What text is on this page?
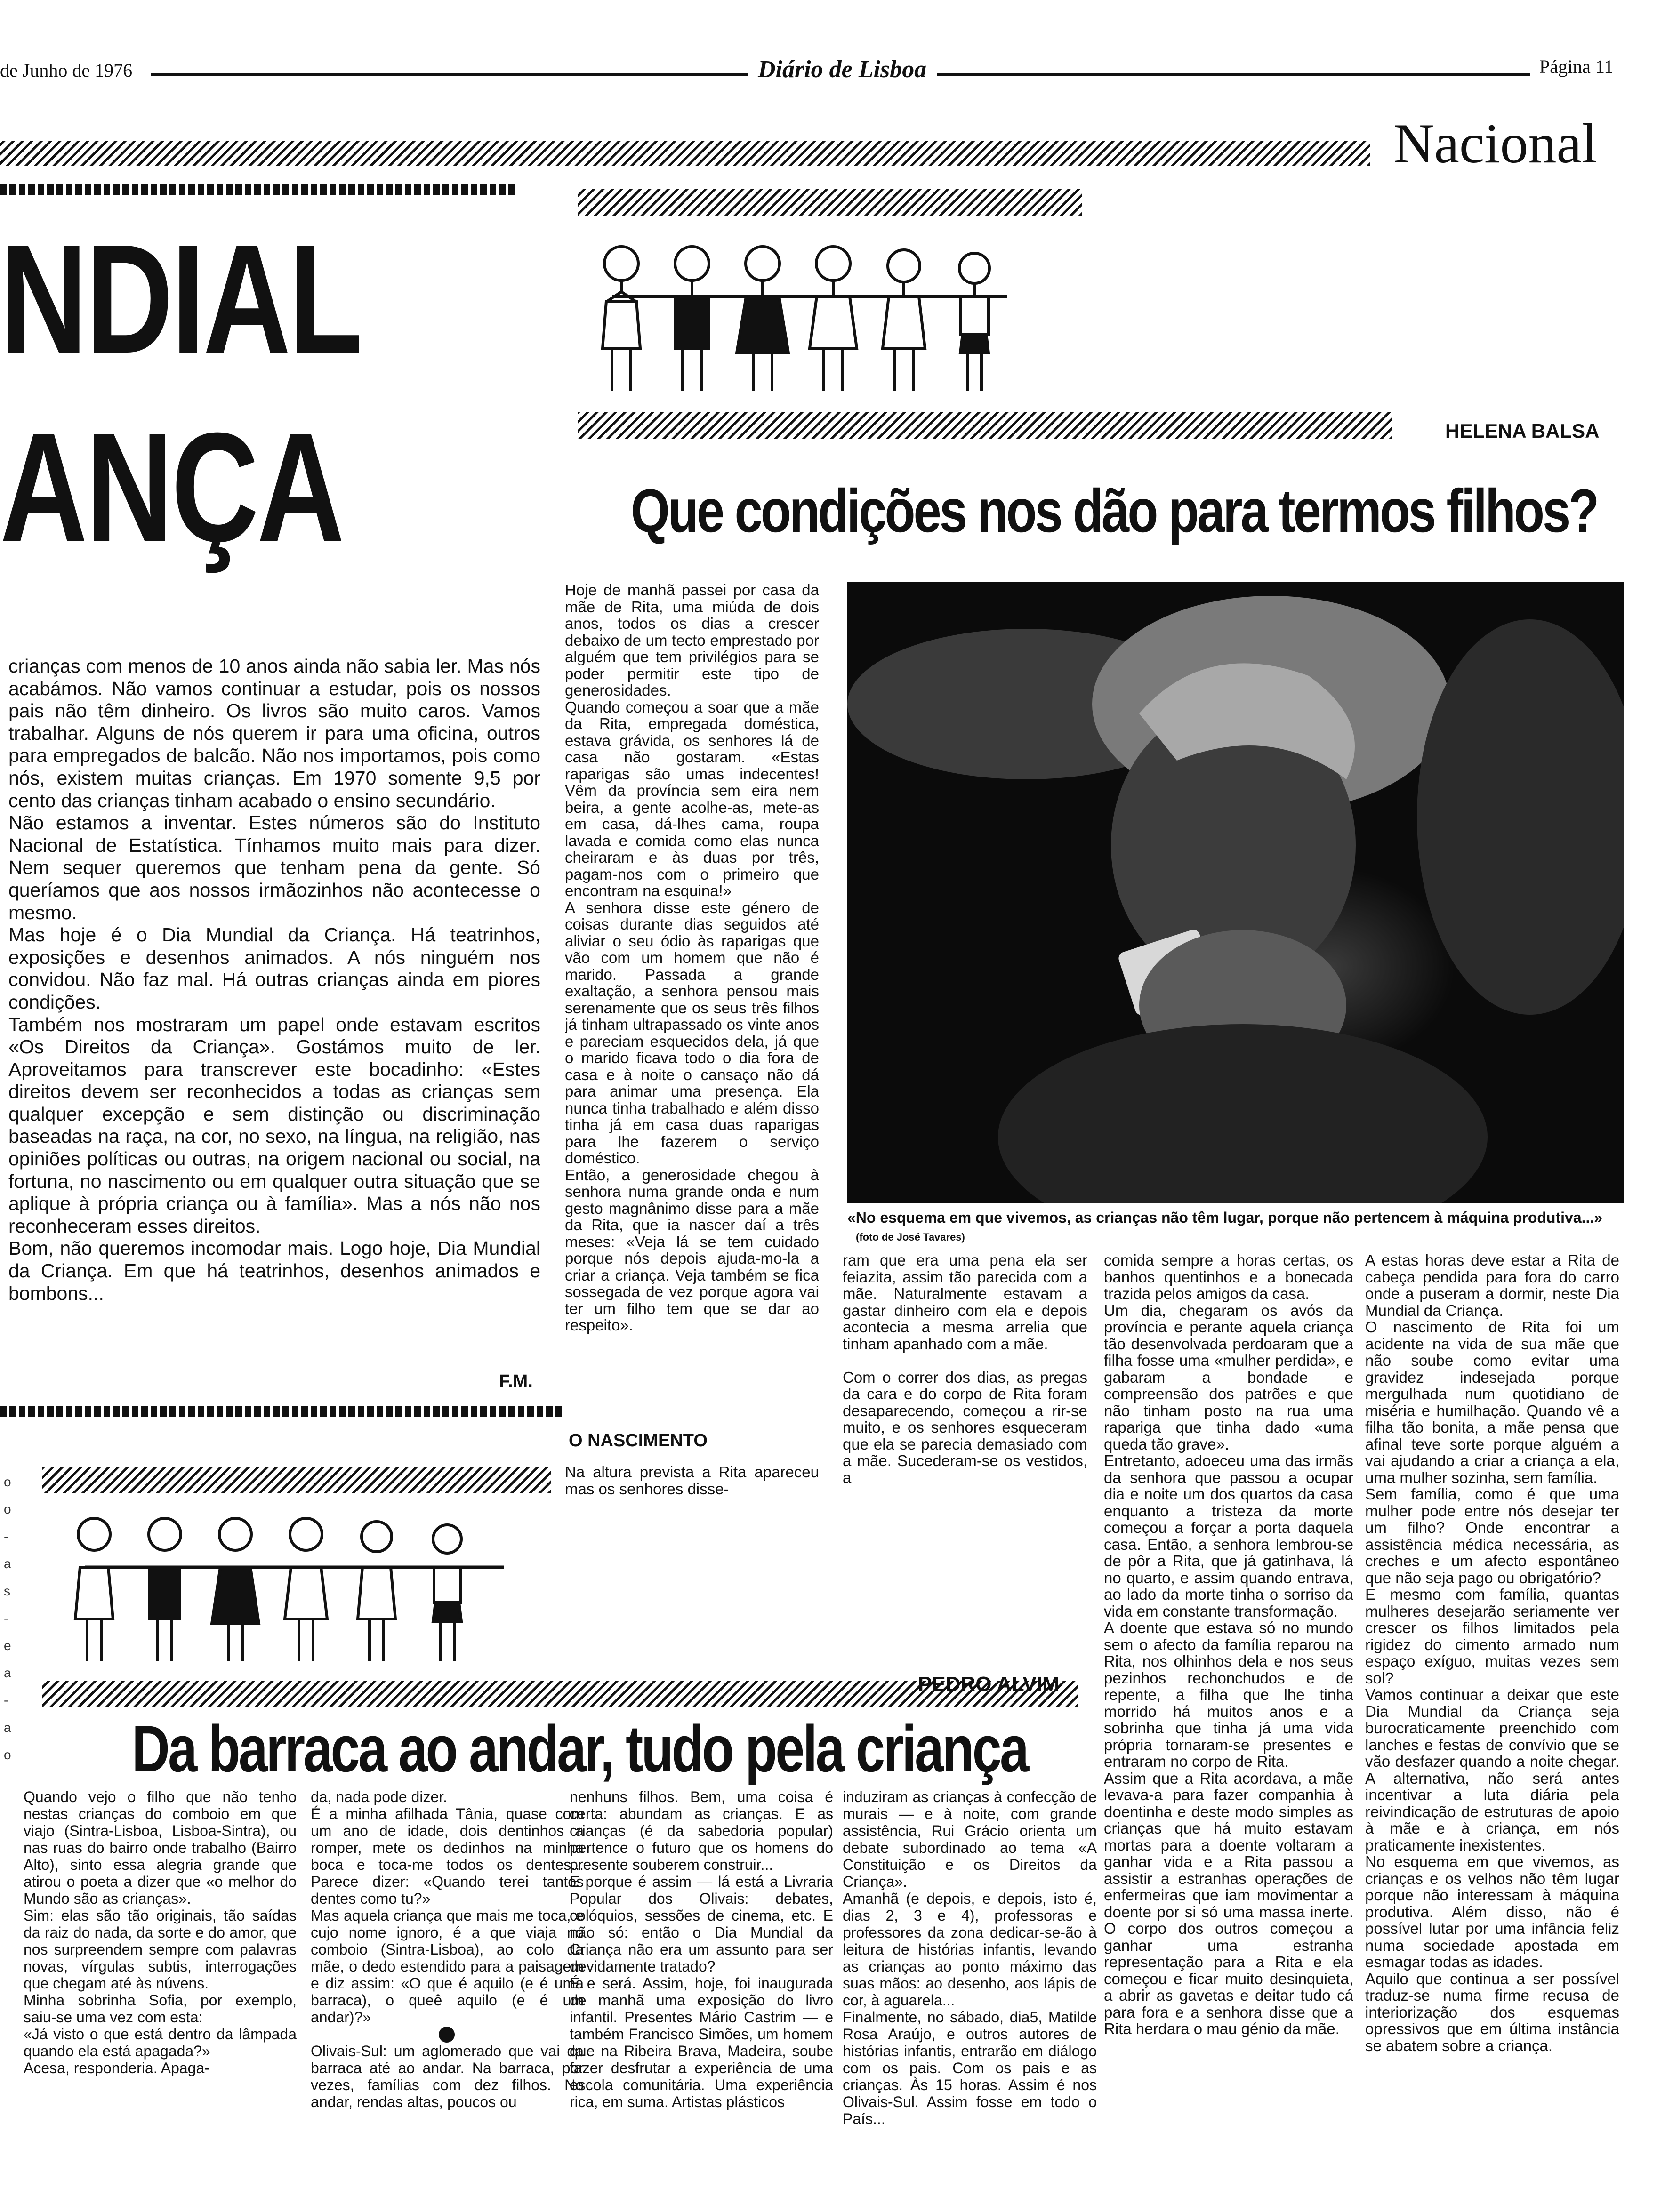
de Junho de 1976	Diário de Lisboa	Página 11
Nacional
NDIAL
ANÇA
crianças com menos de 10 anos ainda não sabia ler. Mas nós acabámos. Não vamos continuar a estudar, pois os nossos pais não têm dinheiro. Os livros são muito caros. Vamos trabalhar. Alguns de nós querem ir para uma oficina, outros para empregados de balcão. Não nos importamos, pois como nós, existem muitas crianças. Em 1970 somente 9,5 por cento das crianças tinham acabado o ensino secundário.
Não estamos a inventar. Estes números são do Instituto Nacional de Estatística. Tínhamos muito mais para dizer. Nem sequer queremos que tenham pena da gente. Só queríamos que aos nossos irmãozinhos não acontecesse o mesmo.
Mas hoje é o Dia Mundial da Criança. Há teatrinhos, exposições e desenhos animados. A nós ninguém nos convidou. Não faz mal. Há outras crianças ainda em piores condições.
Também nos mostraram um papel onde estavam escritos «Os Direitos da Criança». Gostámos muito de ler. Aproveitamos para transcrever este bocadinho: «Estes direitos devem ser reconhecidos a todas as crianças sem qualquer excepção e sem distinção ou discriminação baseadas na raça, na cor, no sexo, na língua, na religião, nas opiniões políticas ou outras, na origem nacional ou social, na fortuna, no nascimento ou em qualquer outra situação que se aplique à própria criança ou à família». Mas a nós não nos reconheceram esses direitos.
Bom, não queremos incomodar mais. Logo hoje, Dia Mundial da Criança. Em que há teatrinhos, desenhos animados e bombons...
F.M.
HELENA BALSA
Que condições nos dão para termos filhos?
Hoje de manhã passei por casa da mãe de Rita, uma miúda de dois anos, todos os dias a crescer debaixo de um tecto emprestado por alguém que tem privilégios para se poder permitir este tipo de generosidades.
Quando começou a soar que a mãe da Rita, empregada doméstica, estava grávida, os senhores lá de casa não gostaram. «Estas raparigas são umas indecentes! Vêm da província sem eira nem beira, a gente acolhe-as, mete-as em casa, dá-lhes cama, roupa lavada e comida como elas nunca cheiraram e às duas por três, pagam-nos com o primeiro que encontram na esquina!»
A senhora disse este género de coisas durante dias seguidos até aliviar o seu ódio às raparigas que vão com um homem que não é marido. Passada a grande exaltação, a senhora pensou mais serenamente que os seus três filhos já tinham ultrapassado os vinte anos e pareciam esquecidos dela, já que o marido ficava todo o dia fora de casa e à noite o cansaço não dá para animar uma presença. Ela nunca tinha trabalhado e além disso tinha já em casa duas raparigas para lhe fazerem o serviço doméstico.
Então, a generosidade chegou à senhora numa grande onda e num gesto magnânimo disse para a mãe da Rita, que ia nascer daí a três meses: «Veja lá se tem cuidado porque nós depois ajuda-mo-la a criar a criança. Veja também se fica sossegada de vez porque agora vai ter um filho tem que se dar ao respeito».
O NASCIMENTO
Na altura prevista a Rita apareceu mas os senhores disse-
«No esquema em que vivemos, as crianças não têm lugar, porque não pertencem à máquina produtiva...» (foto de José Tavares)
ram que era uma pena ela ser feiazita, assim tão parecida com a mãe. Naturalmente estavam a gastar dinheiro com ela e depois acontecia a mesma arrelia que tinham apanhado com a mãe.

Com o correr dos dias, as pregas da cara e do corpo de Rita foram desaparecendo, começou a rir-se muito, e os senhores esqueceram que ela se parecia demasiado com a mãe. Sucederam-se os vestidos, a
comida sempre a horas certas, os banhos quentinhos e a bonecada trazida pelos amigos da casa.
Um dia, chegaram os avós da província e perante aquela criança tão desenvolvada perdoaram que a filha fosse uma «mulher perdida», e gabaram a bondade e compreensão dos patrões e que não tinham posto na rua uma rapariga que tinha dado «uma queda tão grave».
Entretanto, adoeceu uma das irmãs da senhora que passou a ocupar dia e noite um dos quartos da casa enquanto a tristeza da morte começou a forçar a porta daquela casa. Então, a senhora lembrou-se de pôr a Rita, que já gatinhava, lá no quarto, e assim quando entrava, ao lado da morte tinha o sorriso da vida em constante transformação.
A doente que estava só no mundo sem o afecto da família reparou na Rita, nos olhinhos dela e nos seus pezinhos rechonchudos e de repente, a filha que lhe tinha morrido há muitos anos e a sobrinha que tinha já uma vida própria tornaram-se presentes e entraram no corpo de Rita.
Assim que a Rita acordava, a mãe levava-a para fazer companhia à doentinha e deste modo simples as crianças que há muito estavam mortas para a doente voltaram a ganhar vida e a Rita passou a assistir a estranhas operações de enfermeiras que iam movimentar a doente por si só uma massa inerte. O corpo dos outros começou a ganhar uma estranha representação para a Rita e ela começou e ficar muito desinquieta, a abrir as gavetas e deitar tudo cá para fora e a senhora disse que a Rita herdara o mau génio da mãe.
A estas horas deve estar a Rita de cabeça pendida para fora do carro onde a puseram a dormir, neste Dia Mundial da Criança.
O nascimento de Rita foi um acidente na vida de sua mãe que não soube como evitar uma gravidez indesejada porque mergulhada num quotidiano de miséria e humilhação. Quando vê a filha tão bonita, a mãe pensa que afinal teve sorte porque alguém a vai ajudando a criar a criança a ela, uma mulher sozinha, sem família.
Sem família, como é que uma mulher pode entre nós desejar ter um filho? Onde encontrar a assistência médica necessária, as creches e um afecto espontâneo que não seja pago ou obrigatório?
E mesmo com família, quantas mulheres desejarão seriamente ver crescer os filhos limitados pela rigidez do cimento armado num espaço exíguo, muitas vezes sem sol?
Vamos continuar a deixar que este Dia Mundial da Criança seja burocraticamente preenchido com lanches e festas de convívio que se vão desfazer quando a noite chegar. A alternativa, não será antes incentivar a luta diária pela reivindicação de estruturas de apoio à mãe e à criança, em nós praticamente inexistentes.
No esquema em que vivemos, as crianças e os velhos não têm lugar porque não interessam à máquina produtiva. Além disso, não é possível lutar por uma infância feliz numa sociedade apostada em esmagar todas as idades.
Aquilo que continua a ser possível traduz-se numa firme recusa de interiorização dos esquemas opressivos que em última instância se abatem sobre a criança.
o
o
-
a
s
-
e
a
-
a
o
PEDRO ALVIM
Da barraca ao andar, tudo pela criança
Quando vejo o filho que não tenho nestas crianças do comboio em que viajo (Sintra-Lisboa, Lisboa-Sintra), ou nas ruas do bairro onde trabalho (Bairro Alto), sinto essa alegria grande que atirou o poeta a dizer que «o melhor do Mundo são as crianças».
Sim: elas são tão originais, tão saídas da raiz do nada, da sorte e do amor, que nos surpreendem sempre com palavras novas, vírgulas subtis, interrogações que chegam até às núvens.
Minha sobrinha Sofia, por exemplo, saiu-se uma vez com esta:
«Já visto o que está dentro da lâmpada quando ela está apagada?»
Acesa, responderia. Apaga-
da, nada pode dizer.
É a minha afilhada Tânia, quase com um ano de idade, dois dentinhos a romper, mete os dedinhos na minha boca e toca-me todos os dentes... Parece dizer: «Quando terei tantos dentes como tu?»
Mas aquela criança que mais me toca, e cujo nome ignoro, é a que viaja no comboio (Sintra-Lisboa), ao colo da mãe, o dedo estendido para a paisagem e diz assim: «O que é aquilo (e é uma barraca), o queê aquilo (e é um andar)?»

Olivais-Sul: um aglomerado que vai da barraca até ao andar. Na barraca, por vezes, famílias com dez filhos. No andar, rendas altas, poucos ou
nenhuns filhos. Bem, uma coisa é certa: abundam as crianças. E as crianças (é da sabedoria popular) pertence o futuro que os homens do presente souberem construir...
E porque é assim — lá está a Livraria Popular dos Olivais: debates, colóquios, sessões de cinema, etc. E não só: então o Dia Mundial da Criança não era um assunto para ser devidamente tratado?
É e será. Assim, hoje, foi inaugurada de manhã uma exposição do livro infantil. Presentes Mário Castrim — e também Francisco Simões, um homem que na Ribeira Brava, Madeira, soube fazer desfrutar a experiência de uma escola comunitária. Uma experiência rica, em suma. Artistas plásticos
induziram as crianças à confecção de murais — e à noite, com grande assistência, Rui Grácio orienta um debate subordinado ao tema «A Constituição e os Direitos da Criança».
Amanhã (e depois, e depois, isto é, dias 2, 3 e 4), professoras e professores da zona dedicar-se-ão à leitura de histórias infantis, levando as crianças ao ponto máximo das suas mãos: ao desenho, aos lápis de cor, à aguarela...
Finalmente, no sábado, dia5, Matilde Rosa Araújo, e outros autores de histórias infantis, entrarão em diálogo com os pais. Com os pais e as crianças. Às 15 horas. Assim é nos Olivais-Sul. Assim fosse em todo o País...
